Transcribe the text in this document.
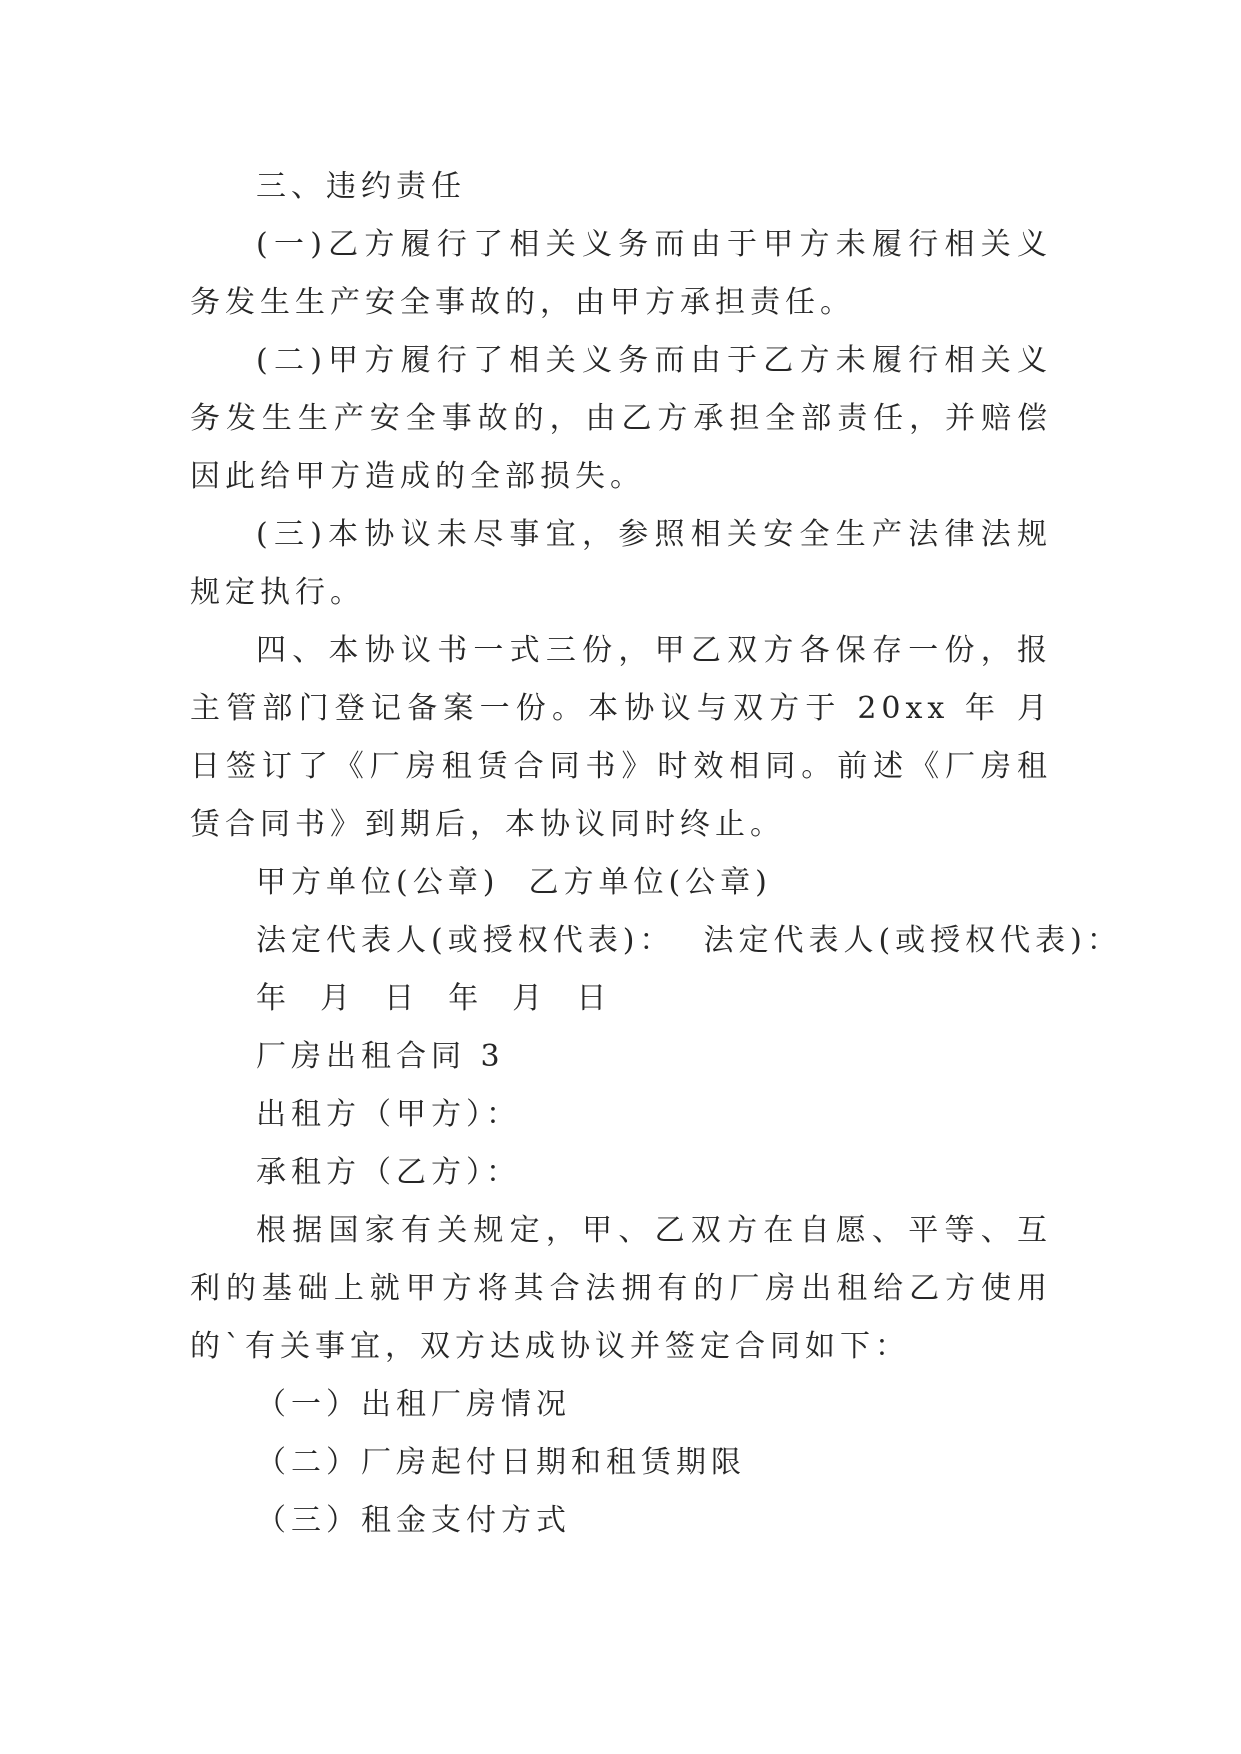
三、违约责任

(一)乙方履行了相关义务而由于甲方未履行相关义务发生生产安全事故的，由甲方承担责任。

(二)甲方履行了相关义务而由于乙方未履行相关义务发生生产安全事故的，由乙方承担全部责任，并赔偿因此给甲方造成的全部损失。

(三)本协议未尽事宜，参照相关安全生产法律法规规定执行。

四、本协议书一式三份，甲乙双方各保存一份，报主管部门登记备案一份。本协议与双方于 20xx 年 月 日签订了《厂房租赁合同书》时效相同。前述《厂房租赁合同书》到期后，本协议同时终止。

甲方单位(公章)  乙方单位(公章)

法定代表人(或授权代表)：  法定代表人(或授权代表)：

年  月  日  年  月  日

厂房出租合同 3

出租方（甲方）：

承租方（乙方）：

根据国家有关规定，甲、乙双方在自愿、平等、互利的基础上就甲方将其合法拥有的厂房出租给乙方使用的`有关事宜，双方达成协议并签定合同如下：

（一）出租厂房情况

（二）厂房起付日期和租赁期限

（三）租金支付方式
